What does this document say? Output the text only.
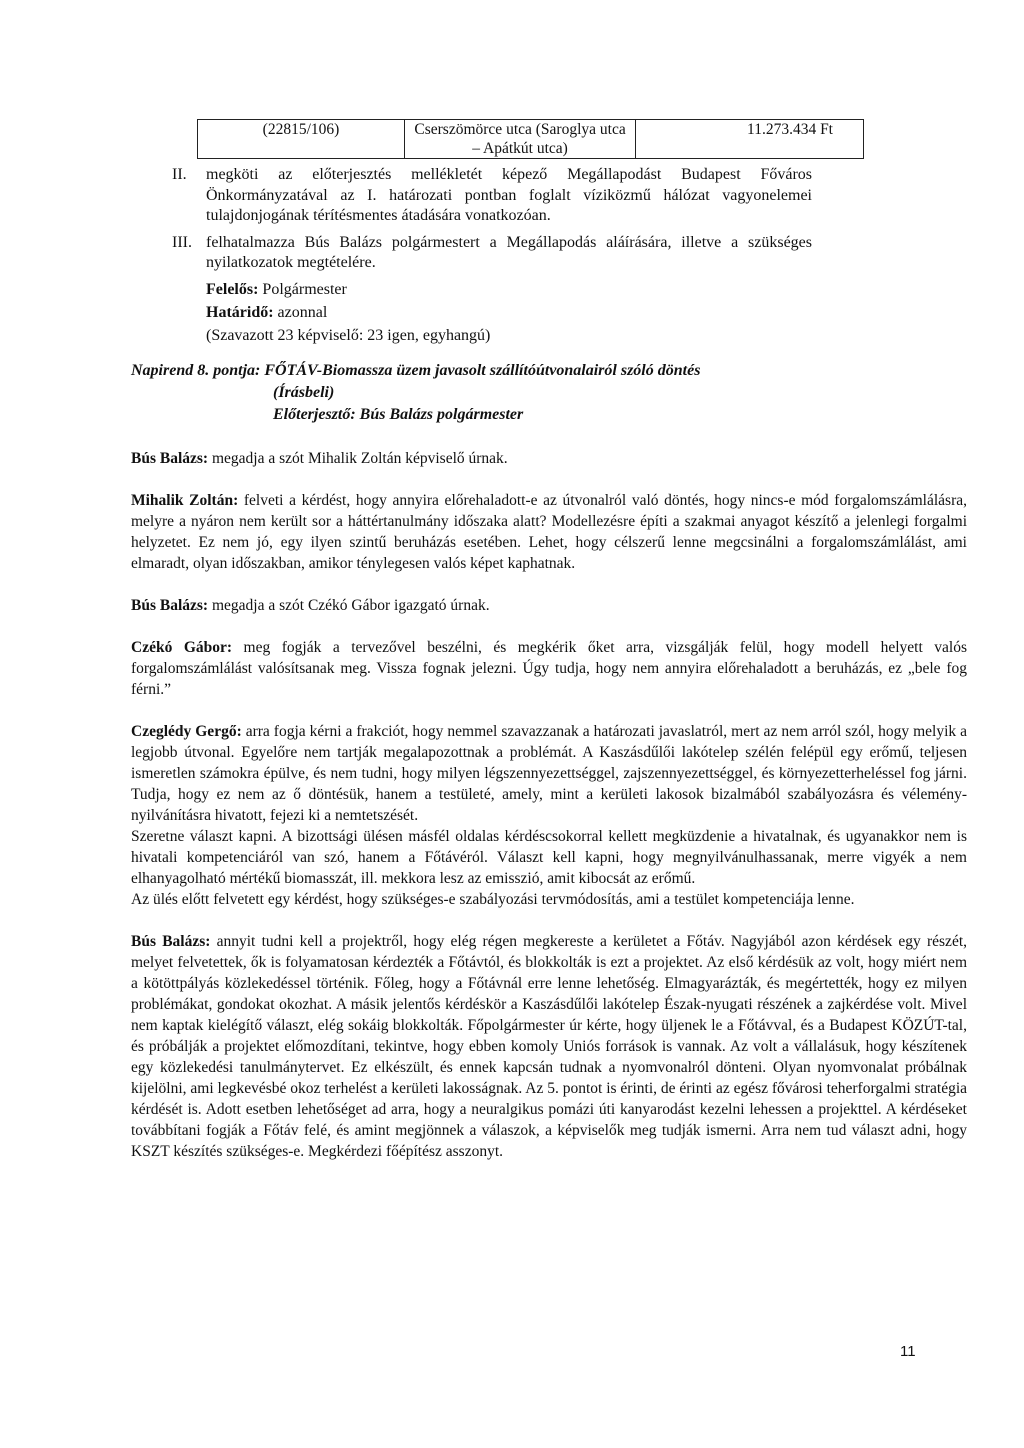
(22815/106)	Cserszömörce utca (Saroglya utca – Apátkút utca)	11.273.434 Ft
II. megköti az előterjesztés mellékletét képező Megállapodást Budapest Főváros Önkormányzatával az I. határozati pontban foglalt víziközmű hálózat vagyonelemei tulajdonjogának térítésmentes átadására vonatkozóan.
III. felhatalmazza Bús Balázs polgármestert a Megállapodás aláírására, illetve a szükséges nyilatkozatok megtételére.
Felelős: Polgármester
Határidő: azonnal
(Szavazott 23 képviselő: 23 igen, egyhangú)
Napirend 8. pontja: FŐTÁV-Biomassza üzem javasolt szállítóútvonalairól szóló döntés
(Írásbeli)
Előterjesztő: Bús Balázs polgármester

Bús Balázs: megadja a szót Mihalik Zoltán képviselő úrnak.

Mihalik Zoltán: felveti a kérdést, hogy annyira előrehaladott-e az útvonalról való döntés, hogy nincs-e mód forgalomszámlálásra, melyre a nyáron nem került sor a háttértanulmány időszaka alatt? Modellezésre építi a szakmai anyagot készítő a jelenlegi forgalmi helyzetet. Ez nem jó, egy ilyen szintű beruházás esetében. Lehet, hogy célszerű lenne megcsinálni a forgalomszámlálást, ami elmaradt, olyan időszakban, amikor ténylegesen valós képet kaphatnak.

Bús Balázs: megadja a szót Czékó Gábor igazgató úrnak.

Czékó Gábor: meg fogják a tervezővel beszélni, és megkérik őket arra, vizsgálják felül, hogy modell helyett valós forgalomszámlálást valósítsanak meg. Vissza fognak jelezni. Úgy tudja, hogy nem annyira előrehaladott a beruházás, ez „bele fog férni.”

Czeglédy Gergő: arra fogja kérni a frakciót, hogy nemmel szavazzanak a határozati javaslatról, mert az nem arról szól, hogy melyik a legjobb útvonal. Egyelőre nem tartják megalapozottnak a problémát. A Kaszásdűlői lakótelep szélén felépül egy erőmű, teljesen ismeretlen számokra épülve, és nem tudni, hogy milyen légszennyezettséggel, zajszennyezettséggel, és környezetterheléssel fog járni. Tudja, hogy ez nem az ő döntésük, hanem a testületé, amely, mint a kerületi lakosok bizalmából szabályozásra és vélemény-nyilvánításra hivatott, fejezi ki a nemtetszését.

Szeretne választ kapni. A bizottsági ülésen másfél oldalas kérdéscsokorral kellett megküzdenie a hivatalnak, és ugyanakkor nem is hivatali kompetenciáról van szó, hanem a Főtávéról. Választ kell kapni, hogy megnyilvánulhassanak, merre vigyék a nem elhanyagolható mértékű biomasszát, ill. mekkora lesz az emisszió, amit kibocsát az erőmű.

Az ülés előtt felvetett egy kérdést, hogy szükséges-e szabályozási tervmódosítás, ami a testület kompetenciája lenne.

Bús Balázs: annyit tudni kell a projektről, hogy elég régen megkereste a kerületet a Főtáv. Nagyjából azon kérdések egy részét, melyet felvetettek, ők is folyamatosan kérdezték a Főtávtól, és blokkolták is ezt a projektet. Az első kérdésük az volt, hogy miért nem a kötöttpályás közlekedéssel történik. Főleg, hogy a Főtávnál erre lenne lehetőség. Elmagyarázták, és megértették, hogy ez milyen problémákat, gondokat okozhat. A másik jelentős kérdéskör a Kaszásdűlői lakótelep Észak-nyugati részének a zajkérdése volt. Mivel nem kaptak kielégítő választ, elég sokáig blokkolták. Főpolgármester úr kérte, hogy üljenek le a Főtávval, és a Budapest KÖZÚT-tal, és próbálják a projektet előmozdítani, tekintve, hogy ebben komoly Uniós források is vannak. Az volt a vállalásuk, hogy készítenek egy közlekedési tanulmánytervet. Ez elkészült, és ennek kapcsán tudnak a nyomvonalról dönteni. Olyan nyomvonalat próbálnak kijelölni, ami legkevésbé okoz terhelést a kerületi lakosságnak. Az 5. pontot is érinti, de érinti az egész fővárosi teherforgalmi stratégia kérdését is. Adott esetben lehetőséget ad arra, hogy a neuralgikus pomázi úti kanyarodást kezelni lehessen a projekttel. A kérdéseket továbbítani fogják a Főtáv felé, és amint megjönnek a válaszok, a képviselők meg tudják ismerni. Arra nem tud választ adni, hogy KSZT készítés szükséges-e. Megkérdezi főépítész asszonyt.

11
